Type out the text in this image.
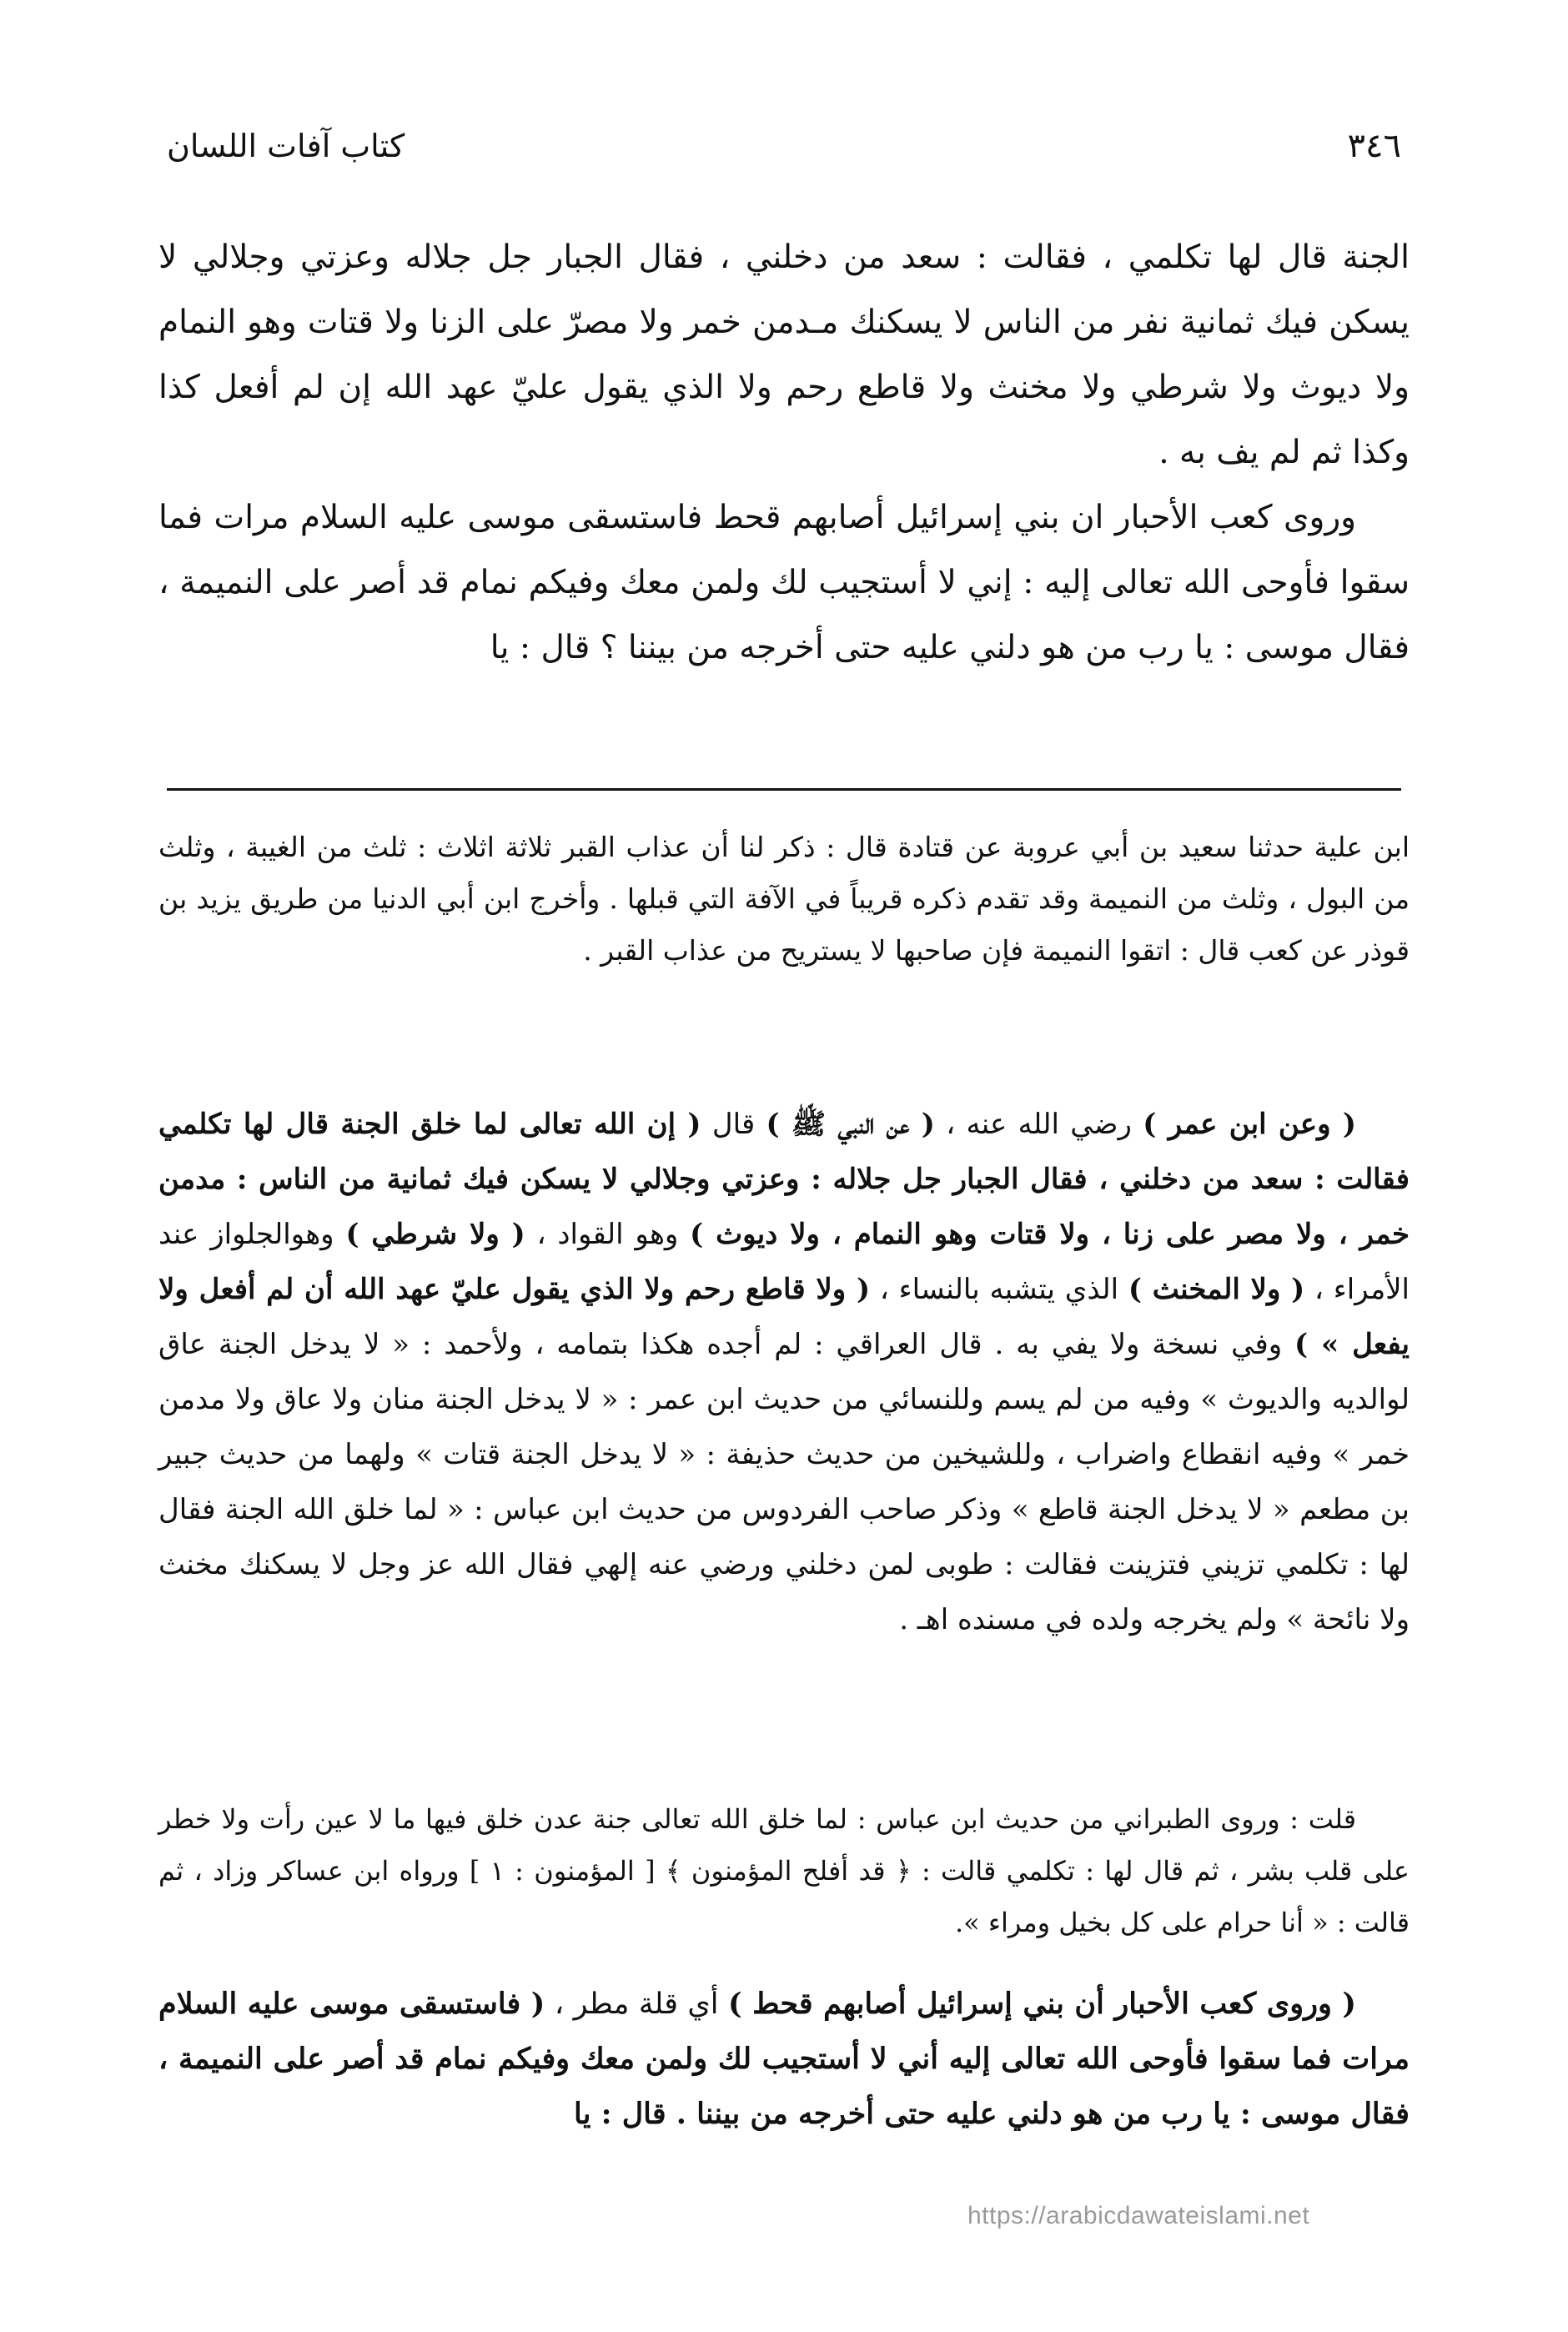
٣٤٦
كتاب آفات اللسان

الجنة قال لها تكلمي ، فقالت : سعد من دخلني ، فقال الجبار جل جلاله وعزتي وجلالي لا يسكن فيك ثمانية نفر من الناس لا يسكنك مـدمن خمر ولا مصرّ على الزنا ولا قتات وهو النمام ولا ديوث ولا شرطي ولا مخنث ولا قاطع رحم ولا الذي يقول عليّ عهد الله إن لم أفعل كذا وكذا ثم لم يف به .

وروى كعب الأحبار ان بني إسرائيل أصابهم قحط فاستسقى موسى عليه السلام مرات فما سقوا فأوحى الله تعالى إليه : إني لا أستجيب لك ولمن معك وفيكم نمام قد أصر على النميمة ، فقال موسى : يا رب من هو دلني عليه حتى أخرجه من بيننا ؟ قال : يا

ابن علية حدثنا سعيد بن أبي عروبة عن قتادة قال : ذكر لنا أن عذاب القبر ثلاثة اثلاث : ثلث من الغيبة ، وثلث من البول ، وثلث من النميمة وقد تقدم ذكره قريباً في الآفة التي قبلها . وأخرج ابن أبي الدنيا من طريق يزيد بن قوذر عن كعب قال : اتقوا النميمة فإن صاحبها لا يستريح من عذاب القبر .

( وعن ابن عمر ) رضي الله عنه ، ( عن النبي ﷺ ) قال ( إن الله تعالى لما خلق الجنة قال لها تكلمي فقالت : سعد من دخلني ، فقال الجبار جل جلاله : وعزتي وجلالي لا يسكن فيك ثمانية من الناس : مدمن خمر ، ولا مصر على زنا ، ولا قتات وهو النمام ، ولا ديوث ) وهو القواد ، ( ولا شرطي ) وهوالجلواز عند الأمراء ، ( ولا المخنث ) الذي يتشبه بالنساء ، ( ولا قاطع رحم ولا الذي يقول عليّ عهد الله أن لم أفعل ولا يفعل » ) وفي نسخة ولا يفي به . قال العراقي : لم أجده هكذا بتمامه ، ولأحمد : « لا يدخل الجنة عاق لوالديه والديوث » وفيه من لم يسم وللنسائي من حديث ابن عمر : « لا يدخل الجنة منان ولا عاق ولا مدمن خمر » وفيه انقطاع واضراب ، وللشيخين من حديث حذيفة : « لا يدخل الجنة قتات » ولهما من حديث جبير بن مطعم « لا يدخل الجنة قاطع » وذكر صاحب الفردوس من حديث ابن عباس : « لما خلق الله الجنة فقال لها : تكلمي تزيني فتزينت فقالت : طوبى لمن دخلني ورضي عنه إلهي فقال الله عز وجل لا يسكنك مخنث ولا نائحة » ولم يخرجه ولده في مسنده اهـ .

قلت : وروى الطبراني من حديث ابن عباس : لما خلق الله تعالى جنة عدن خلق فيها ما لا عين رأت ولا خطر على قلب بشر ، ثم قال لها : تكلمي قالت : ﴿ قد أفلح المؤمنون ﴾ [ المؤمنون : ١ ] ورواه ابن عساكر وزاد ، ثم قالت : « أنا حرام على كل بخيل ومراء ».

( وروى كعب الأحبار أن بني إسرائيل أصابهم قحط ) أي قلة مطر ، ( فاستسقى موسى عليه السلام مرات فما سقوا فأوحى الله تعالى إليه أني لا أستجيب لك ولمن معك وفيكم نمام قد أصر على النميمة ، فقال موسى : يا رب من هو دلني عليه حتى أخرجه من بيننا . قال : يا

https://arabicdawateislami.net
